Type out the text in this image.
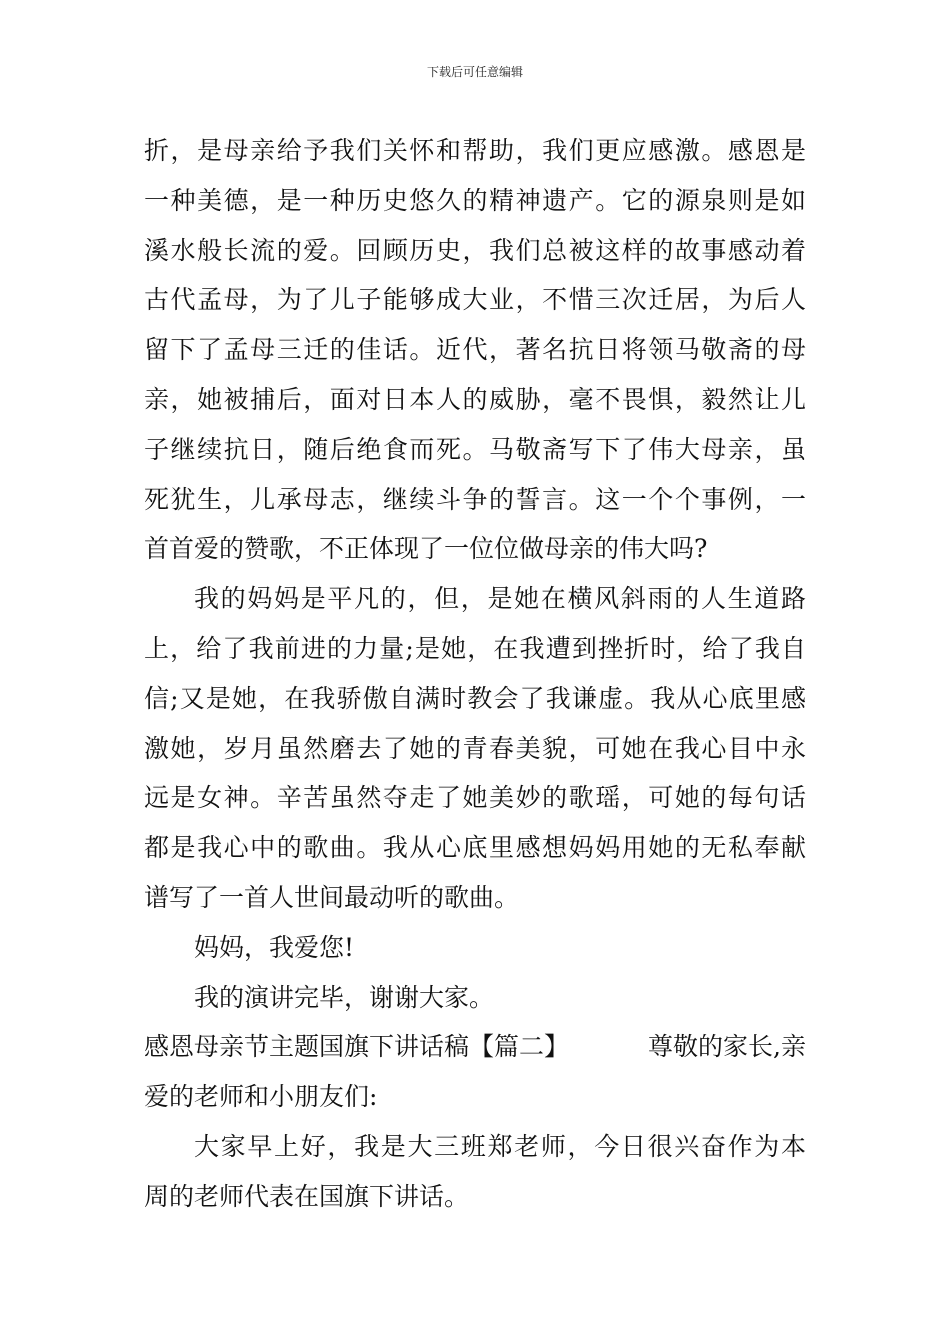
下载后可任意编辑
折，是母亲给予我们关怀和帮助，我们更应感激。感恩是
一种美德，是一种历史悠久的精神遗产。它的源泉则是如
溪水般长流的爱。回顾历史，我们总被这样的故事感动着
古代孟母，为了儿子能够成大业，不惜三次迁居，为后人
留下了孟母三迁的佳话。近代，著名抗日将领马敬斋的母
亲，她被捕后，面对日本人的威胁，毫不畏惧，毅然让儿
子继续抗日，随后绝食而死。马敬斋写下了伟大母亲，虽
死犹生，儿承母志，继续斗争的誓言。这一个个事例，一
首首爱的赞歌，不正体现了一位位做母亲的伟大吗?
我的妈妈是平凡的，但，是她在横风斜雨的人生道路
上，给了我前进的力量;是她，在我遭到挫折时，给了我自
信;又是她，在我骄傲自满时教会了我谦虚。我从心底里感
激她，岁月虽然磨去了她的青春美貌，可她在我心目中永
远是女神。辛苦虽然夺走了她美妙的歌瑶，可她的每句话
都是我心中的歌曲。我从心底里感想妈妈用她的无私奉献
谱写了一首人世间最动听的歌曲。
妈妈，我爱您!
我的演讲完毕，谢谢大家。
感恩母亲节主题国旗下讲话稿【篇二】	尊敬的家长,亲
爱的老师和小朋友们:
大家早上好，我是大三班郑老师，今日很兴奋作为本
周的老师代表在国旗下讲话。
